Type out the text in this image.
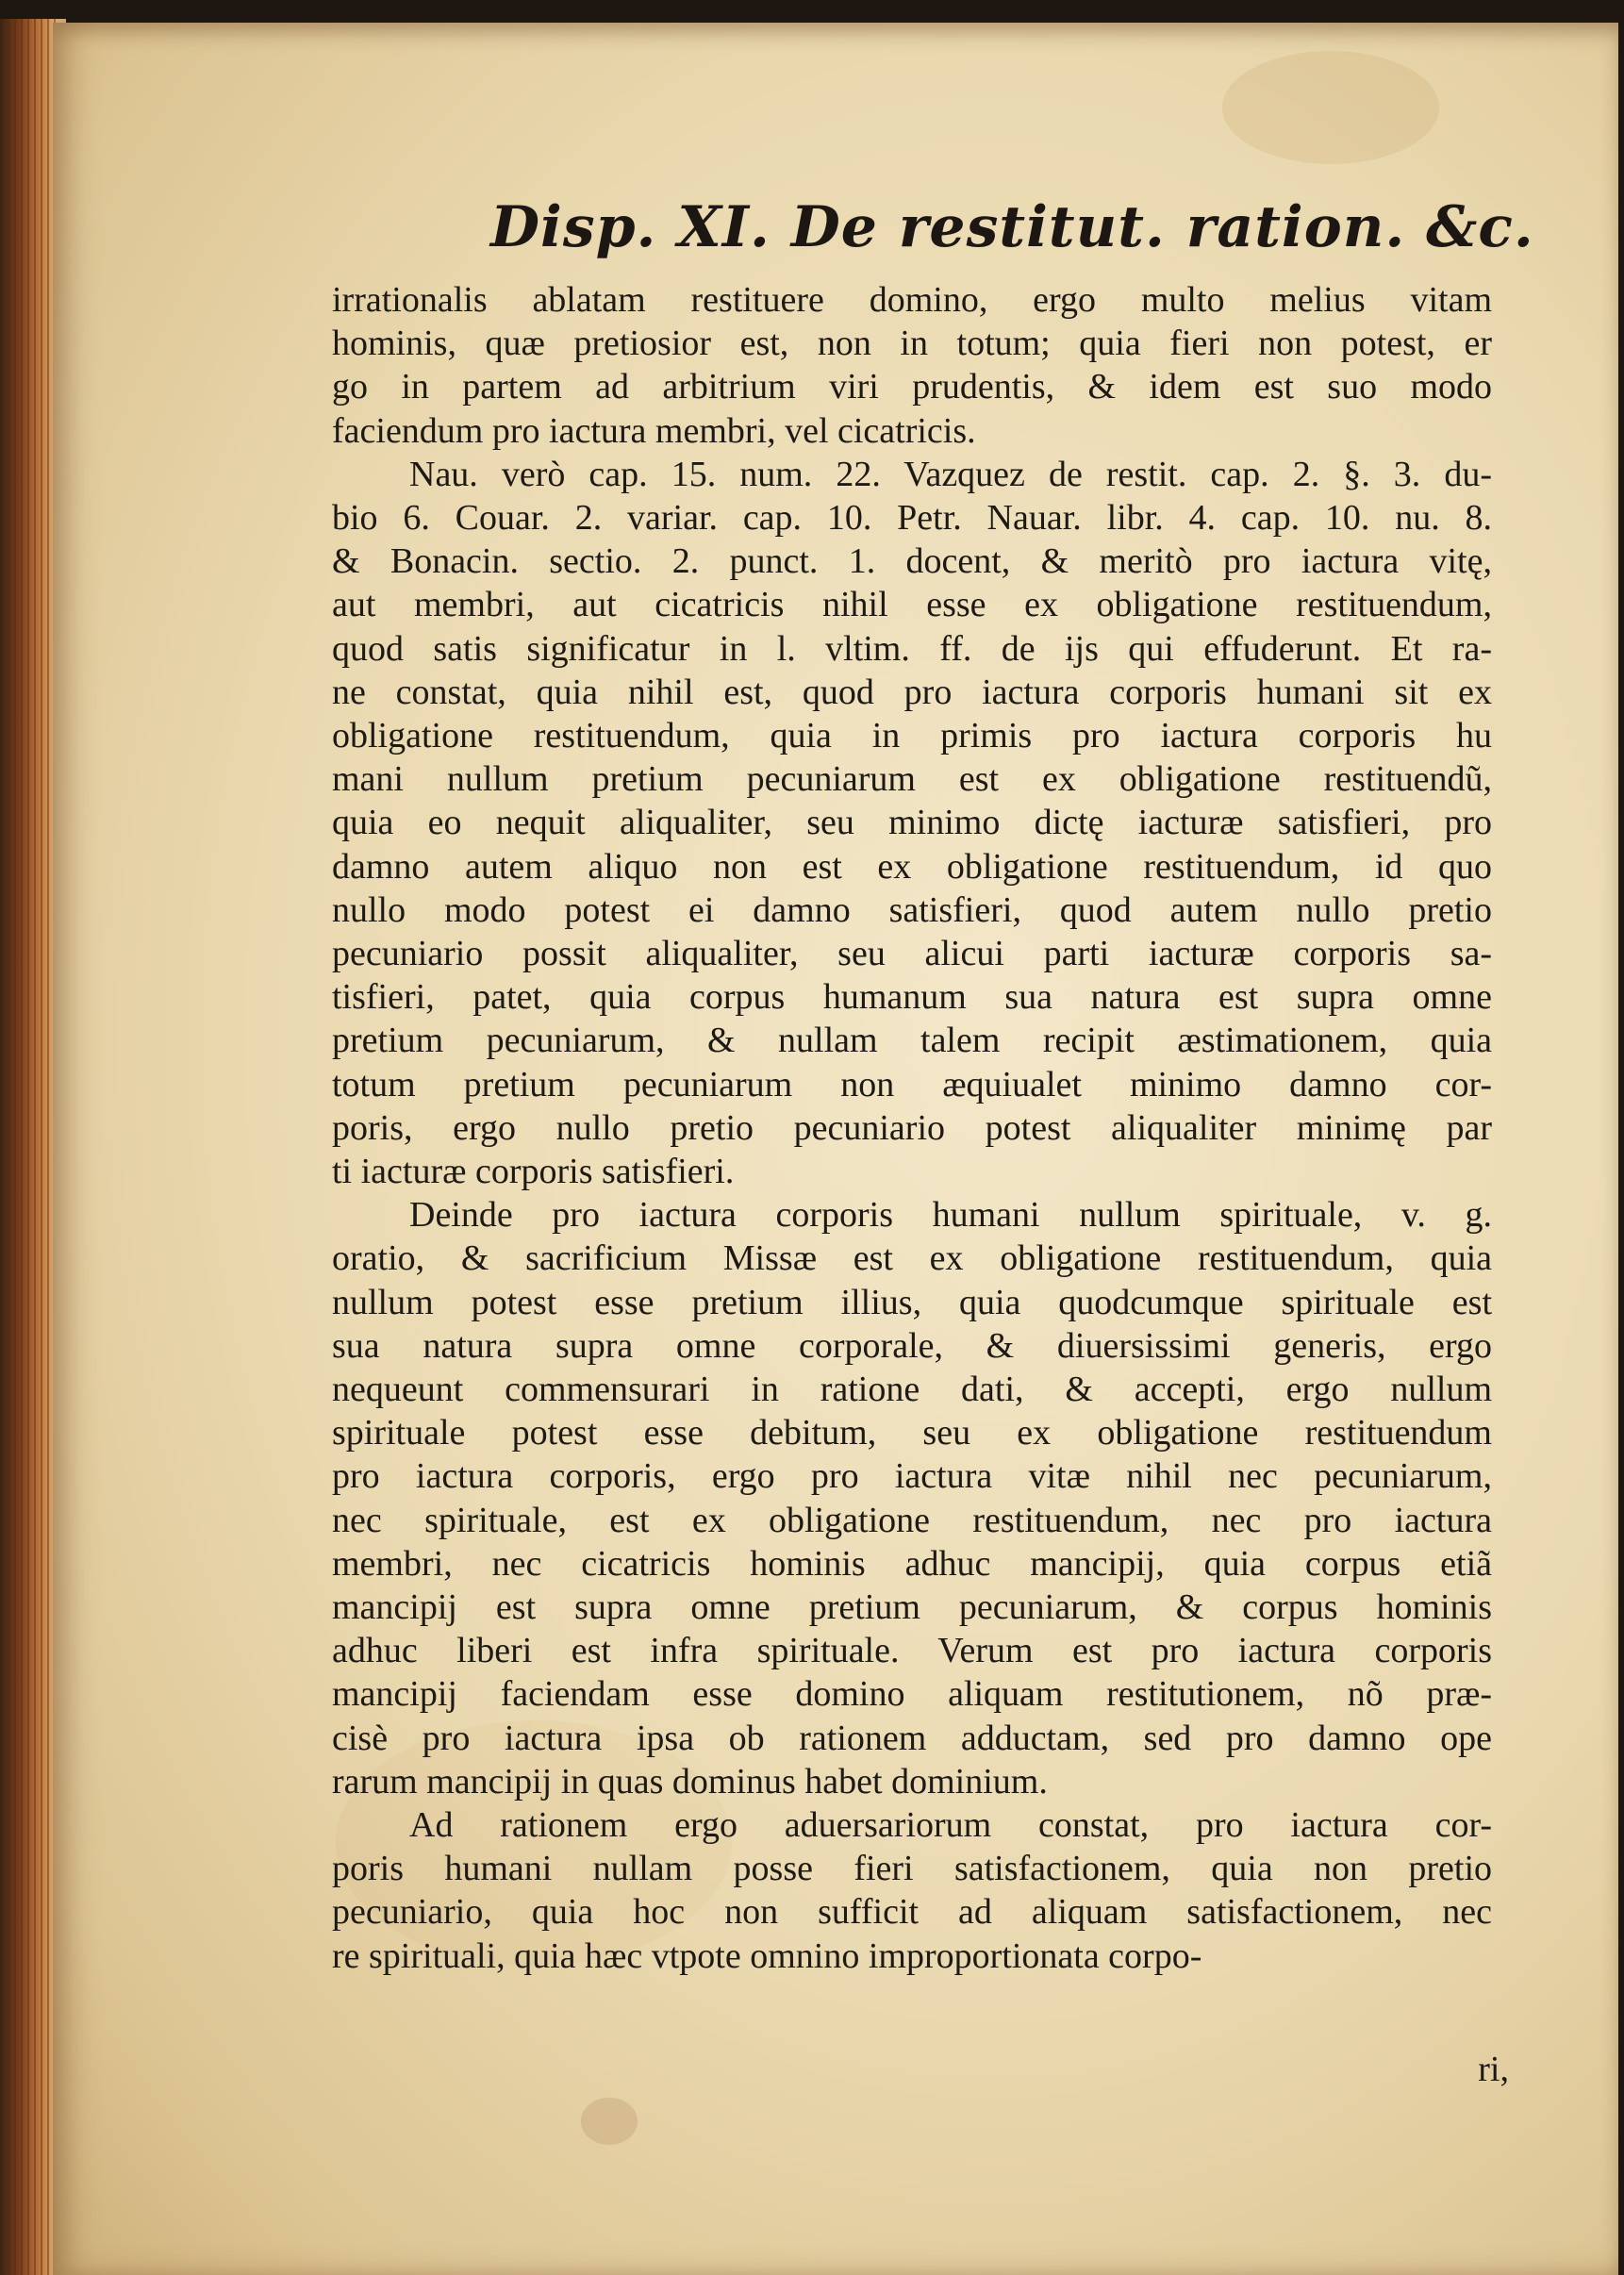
Disp. XI. De restitut. ration. &c.
irrationalis ablatam restituere domino, ergo multo melius vitam
hominis, quæ pretiosior est, non in totum; quia fieri non potest, er
go in partem ad arbitrium viri prudentis, & idem est suo modo
faciendum pro iactura membri, vel cicatricis.
Nau. verò cap. 15. num. 22. Vazquez de restit. cap. 2. §. 3. du-
bio 6. Couar. 2. variar. cap. 10. Petr. Nauar. libr. 4. cap. 10. nu. 8.
& Bonacin. sectio. 2. punct. 1. docent, & meritò pro iactura vitę,
aut membri, aut cicatricis nihil esse ex obligatione restituendum,
quod satis significatur in l. vltim. ff. de ijs qui effuderunt. Et ra-
ne constat, quia nihil est, quod pro iactura corporis humani sit ex
obligatione restituendum, quia in primis pro iactura corporis hu
mani nullum pretium pecuniarum est ex obligatione restituendũ,
quia eo nequit aliqualiter, seu minimo dictę iacturæ satisfieri, pro
damno autem aliquo non est ex obligatione restituendum, id quo
nullo modo potest ei damno satisfieri, quod autem nullo pretio
pecuniario possit aliqualiter, seu alicui parti iacturæ corporis sa-
tisfieri, patet, quia corpus humanum sua natura est supra omne
pretium pecuniarum, & nullam talem recipit æstimationem, quia
totum pretium pecuniarum non æquiualet minimo damno cor-
poris, ergo nullo pretio pecuniario potest aliqualiter minimę par
ti iacturæ corporis satisfieri.
Deinde pro iactura corporis humani nullum spirituale, v. g.
oratio, & sacrificium Missæ est ex obligatione restituendum, quia
nullum potest esse pretium illius, quia quodcumque spirituale est
sua natura supra omne corporale, & diuersissimi generis, ergo
nequeunt commensurari in ratione dati, & accepti, ergo nullum
spirituale potest esse debitum, seu ex obligatione restituendum
pro iactura corporis, ergo pro iactura vitæ nihil nec pecuniarum,
nec spirituale, est ex obligatione restituendum, nec pro iactura
membri, nec cicatricis hominis adhuc mancipij, quia corpus etiã
mancipij est supra omne pretium pecuniarum, & corpus hominis
adhuc liberi est infra spirituale. Verum est pro iactura corporis
mancipij faciendam esse domino aliquam restitutionem, nõ præ-
cisè pro iactura ipsa ob rationem adductam, sed pro damno ope
rarum mancipij in quas dominus habet dominium.
Ad rationem ergo aduersariorum constat, pro iactura cor-
poris humani nullam posse fieri satisfactionem, quia non pretio
pecuniario, quia hoc non sufficit ad aliquam satisfactionem, nec
re spirituali, quia hæc vtpote omnino improportionata corpo-
ri,
